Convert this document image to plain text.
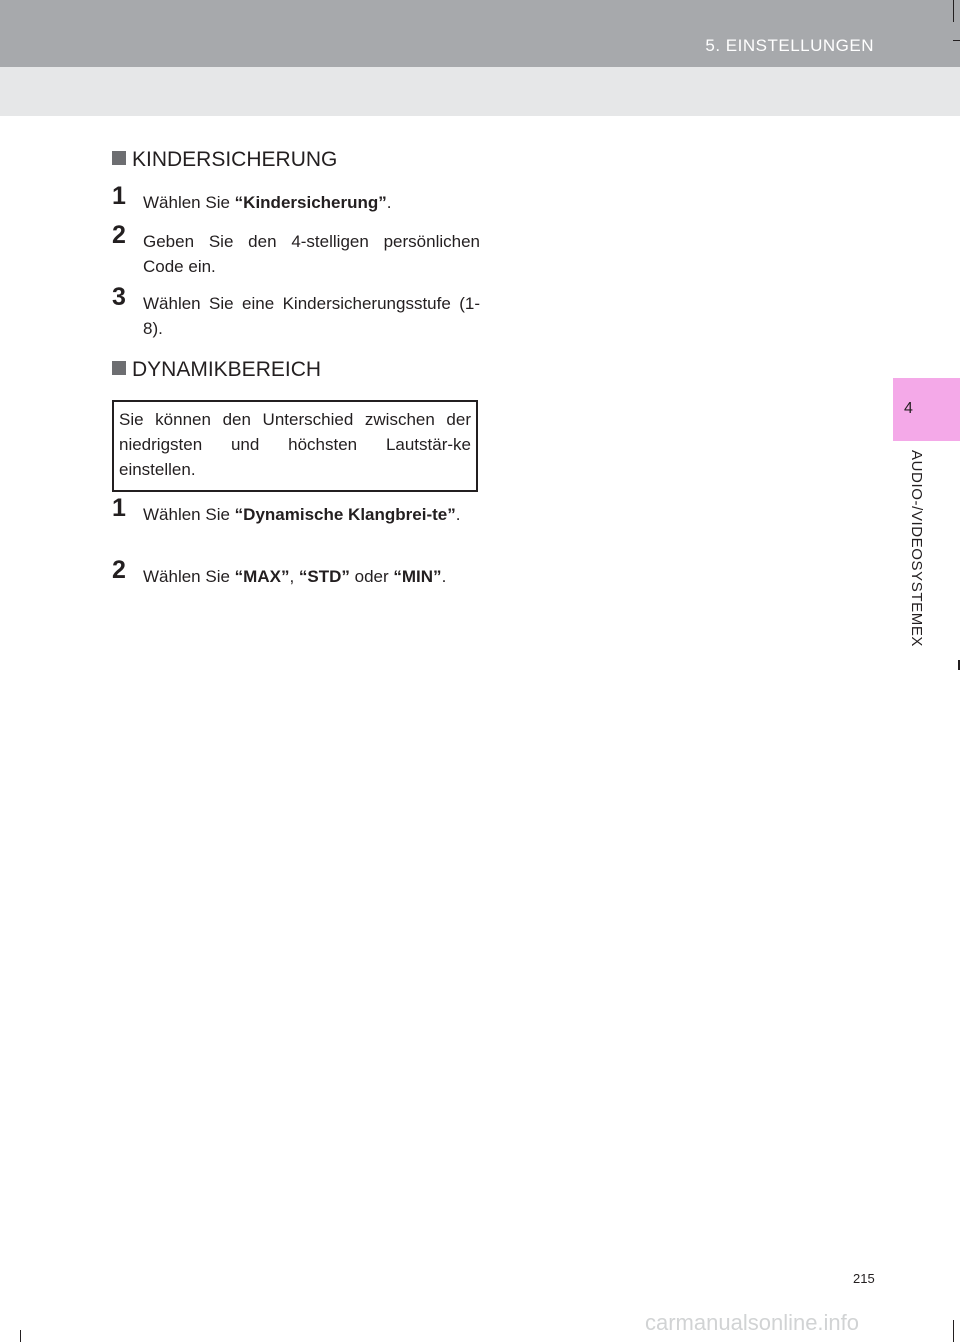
5. EINSTELLUNGEN
4
AUDIO-/VIDEOSYSTEMEX
KINDERSICHERUNG
1 Wählen Sie “Kindersicherung”.
2 Geben Sie den 4-stelligen persönlichen Code ein.
3 Wählen Sie eine Kindersicherungsstufe (1-8).
DYNAMIKBEREICH
Sie können den Unterschied zwischen der niedrigsten und höchsten Lautstär-ke einstellen.
1 Wählen Sie “Dynamische Klangbrei-te”.
2 Wählen Sie “MAX”, “STD” oder “MIN”.
215
carmanualsonline.info
